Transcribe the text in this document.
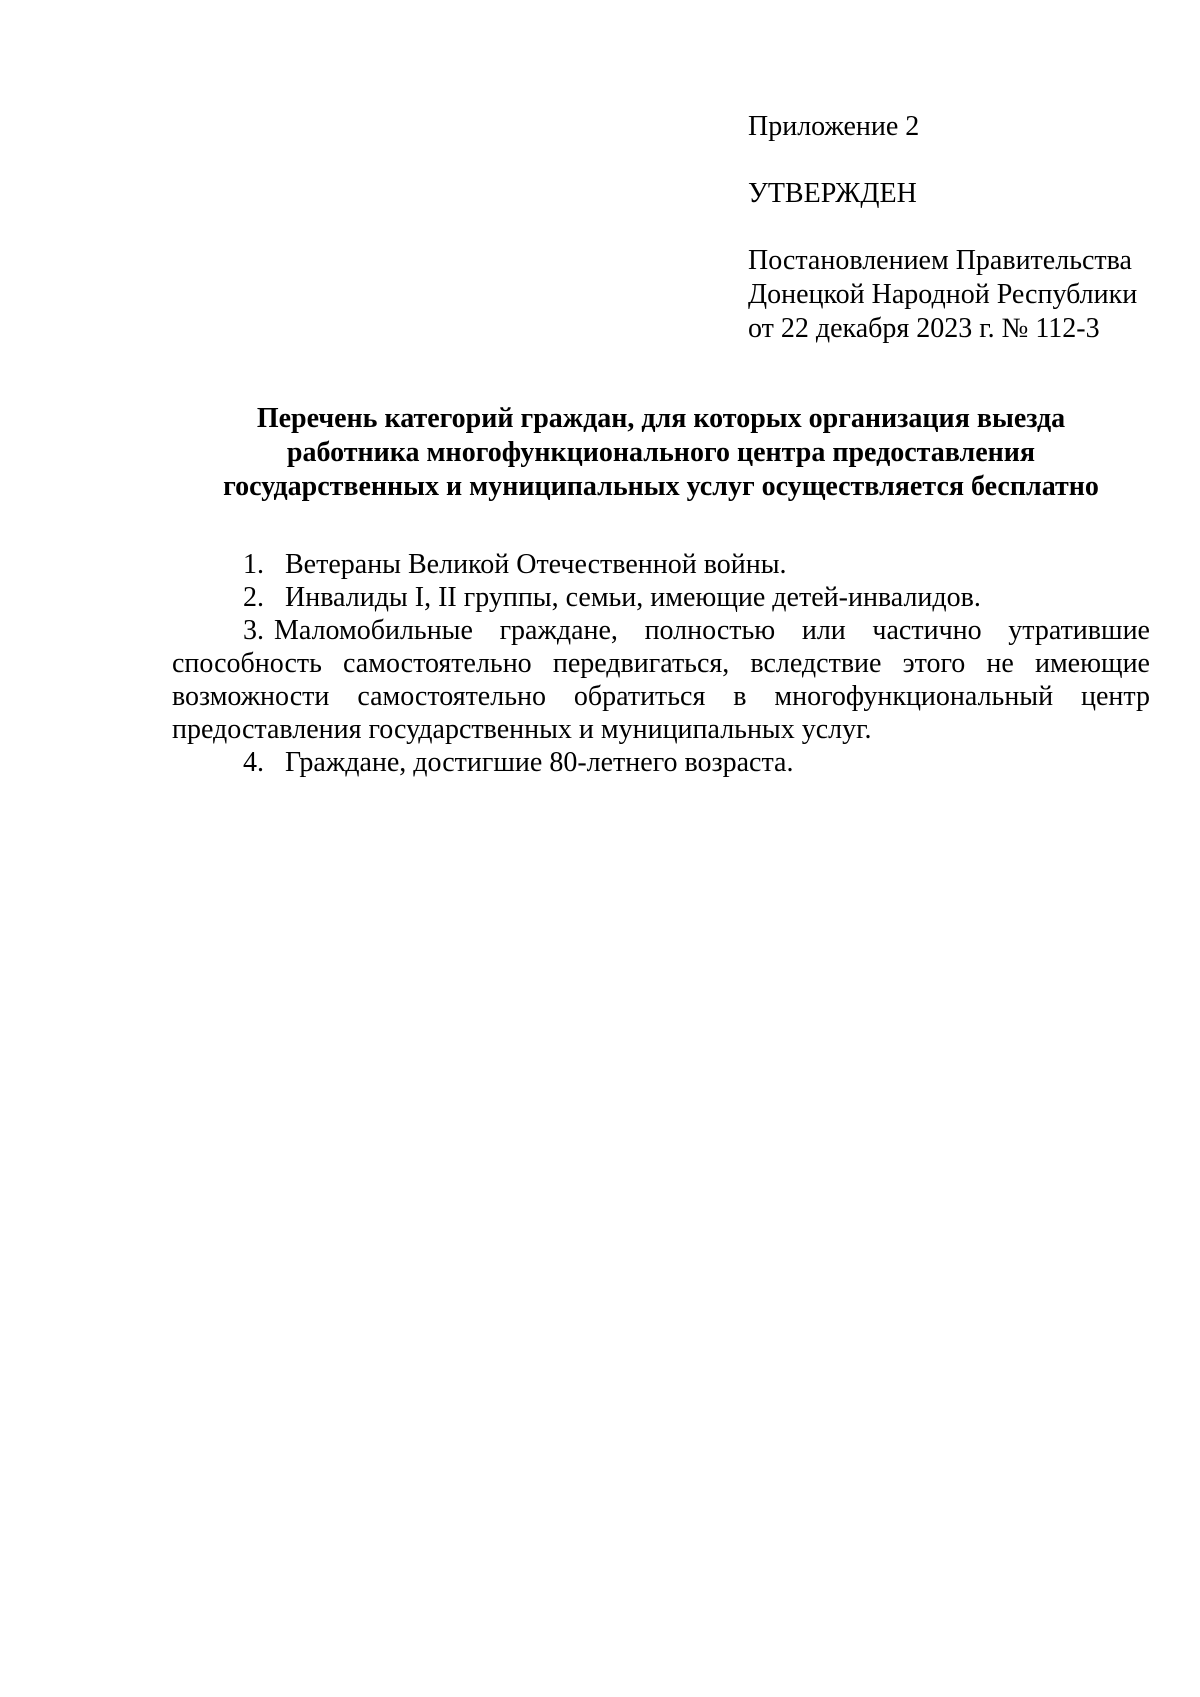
Приложение 2
УТВЕРЖДЕН
Постановлением Правительства
Донецкой Народной Республики
от 22 декабря 2023 г. № 112-3
Перечень категорий граждан, для которых организация выезда
работника многофункционального центра предоставления
государственных и муниципальных услуг осуществляется бесплатно
1. Ветераны Великой Отечественной войны.
2. Инвалиды I, II группы, семьи, имеющие детей-инвалидов.
3. Маломобильные граждане, полностью или частично утратившие способность самостоятельно передвигаться, вследствие этого не имеющие возможности самостоятельно обратиться в многофункциональный центр предоставления государственных и муниципальных услуг.
4. Граждане, достигшие 80-летнего возраста.
